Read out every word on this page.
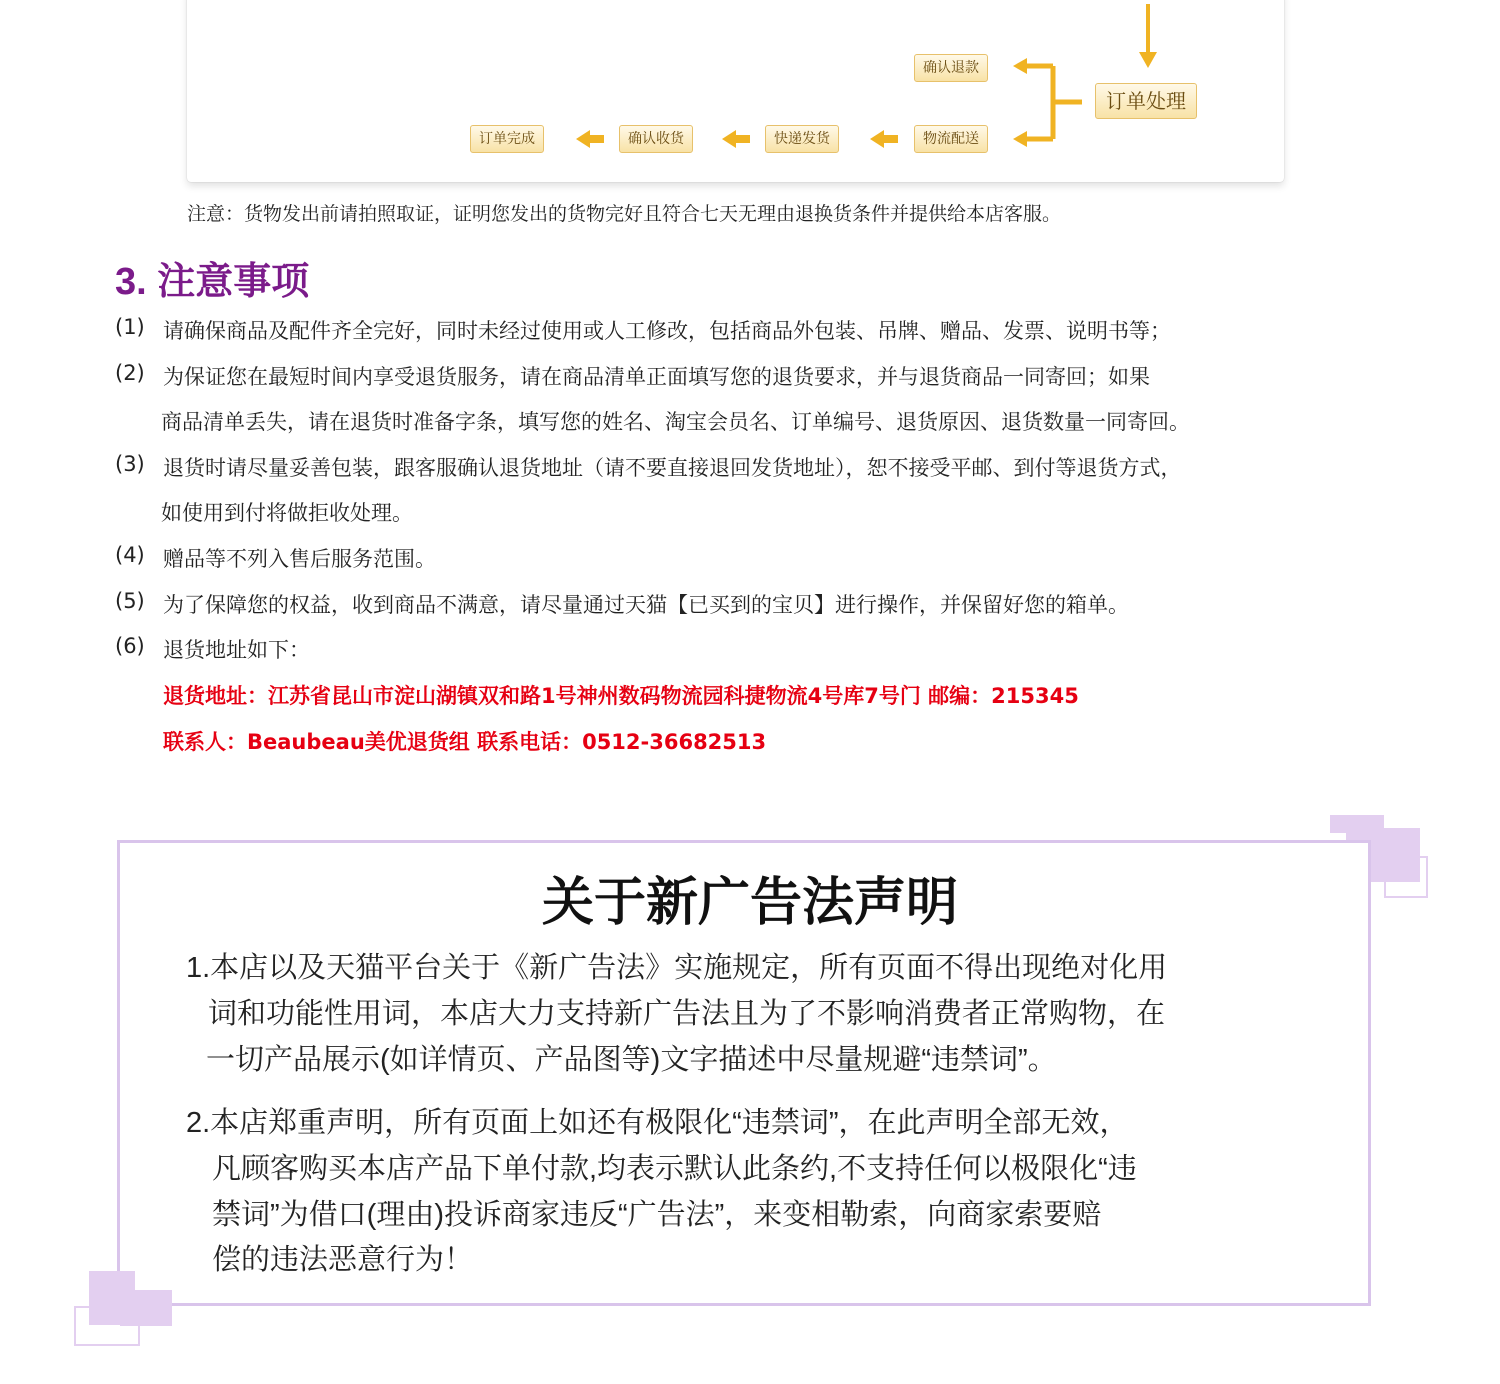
确认退款
订单处理
订单完成	确认收货	快递发货	物流配送
注意：货物发出前请拍照取证，证明您发出的货物完好且符合七天无理由退换货条件并提供给本店客服。
3. 注意事项
(1) 请确保商品及配件齐全完好，同时未经过使用或人工修改，包括商品外包装、吊牌、赠品、发票、说明书等；
(2) 为保证您在最短时间内享受退货服务，请在商品清单正面填写您的退货要求，并与退货商品一同寄回；如果
商品清单丢失，请在退货时准备字条，填写您的姓名、淘宝会员名、订单编号、退货原因、退货数量一同寄回。
(3) 退货时请尽量妥善包装，跟客服确认退货地址（请不要直接退回发货地址），恕不接受平邮、到付等退货方式，
如使用到付将做拒收处理。
(4) 赠品等不列入售后服务范围。
(5) 为了保障您的权益，收到商品不满意，请尽量通过天猫【已买到的宝贝】进行操作，并保留好您的箱单。
(6) 退货地址如下：
退货地址：江苏省昆山市淀山湖镇双和路1号神州数码物流园科捷物流4号库7号门 邮编：215345
联系人：Beaubeau美优退货组 联系电话：0512-36682513
关于新广告法声明
1.本店以及天猫平台关于《新广告法》实施规定，所有页面不得出现绝对化用
词和功能性用词，本店大力支持新广告法且为了不影响消费者正常购物，在
一切产品展示(如详情页、产品图等)文字描述中尽量规避“违禁词”。
2.本店郑重声明，所有页面上如还有极限化“违禁词”，在此声明全部无效，
凡顾客购买本店产品下单付款,均表示默认此条约,不支持任何以极限化“违
禁词”为借口(理由)投诉商家违反“广告法”，来变相勒索，向商家索要赔
偿的违法恶意行为！
